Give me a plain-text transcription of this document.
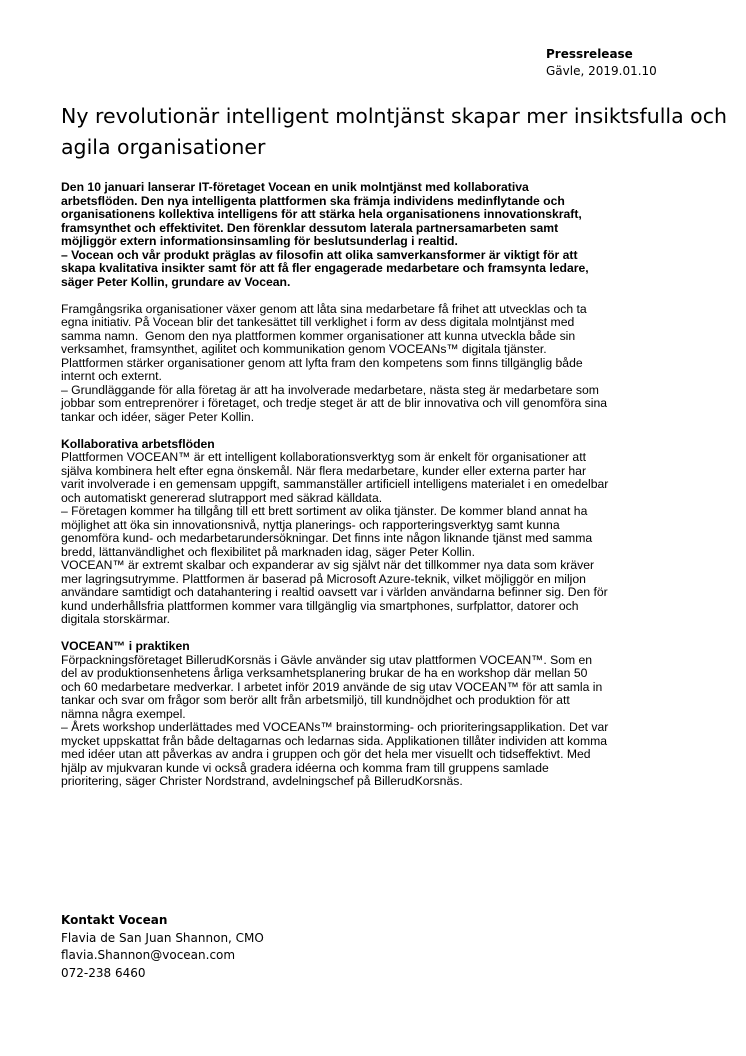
Pressrelease
Gävle, 2019.01.10
Ny revolutionär intelligent molntjänst skapar mer insiktsfulla och agila organisationer

Den 10 januari lanserar IT-företaget Vocean en unik molntjänst med kollaborativa
arbetsflöden. Den nya intelligenta plattformen ska främja individens medinflytande och
organisationens kollektiva intelligens för att stärka hela organisationens innovationskraft,
framsynthet och effektivitet. Den förenklar dessutom laterala partnersamarbeten samt
möjliggör extern informationsinsamling för beslutsunderlag i realtid.

– Vocean och vår produkt präglas av filosofin att olika samverkansformer är viktigt för att
skapa kvalitativa insikter samt för att få fler engagerade medarbetare och framsynta ledare,
säger Peter Kollin, grundare av Vocean.

Framgångsrika organisationer växer genom att låta sina medarbetare få frihet att utvecklas och ta
egna initiativ. På Vocean blir det tankesättet till verklighet i form av dess digitala molntjänst med
samma namn.  Genom den nya plattformen kommer organisationer att kunna utveckla både sin
verksamhet, framsynthet, agilitet och kommunikation genom VOCEANs™ digitala tjänster.
Plattformen stärker organisationer genom att lyfta fram den kompetens som finns tillgänglig både
internt och externt.

– Grundläggande för alla företag är att ha involverade medarbetare, nästa steg är medarbetare som
jobbar som entreprenörer i företaget, och tredje steget är att de blir innovativa och vill genomföra sina
tankar och idéer, säger Peter Kollin.

Kollaborativa arbetsflöden

Plattformen VOCEAN™ är ett intelligent kollaborationsverktyg som är enkelt för organisationer att
själva kombinera helt efter egna önskemål. När flera medarbetare, kunder eller externa parter har
varit involverade i en gemensam uppgift, sammanställer artificiell intelligens materialet i en omedelbar
och automatiskt genererad slutrapport med säkrad källdata.

– Företagen kommer ha tillgång till ett brett sortiment av olika tjänster. De kommer bland annat ha
möjlighet att öka sin innovationsnivå, nyttja planerings- och rapporteringsverktyg samt kunna
genomföra kund- och medarbetarundersökningar. Det finns inte någon liknande tjänst med samma
bredd, lättanvändlighet och flexibilitet på marknaden idag, säger Peter Kollin.

VOCEAN™ är extremt skalbar och expanderar av sig självt när det tillkommer nya data som kräver
mer lagringsutrymme. Plattformen är baserad på Microsoft Azure-teknik, vilket möjliggör en miljon
användare samtidigt och datahantering i realtid oavsett var i världen användarna befinner sig. Den för
kund underhållsfria plattformen kommer vara tillgänglig via smartphones, surfplattor, datorer och
digitala storskärmar.

VOCEAN™ i praktiken

Förpackningsföretaget BillerudKorsnäs i Gävle använder sig utav plattformen VOCEAN™. Som en
del av produktionsenhetens årliga verksamhetsplanering brukar de ha en workshop där mellan 50
och 60 medarbetare medverkar. I arbetet inför 2019 använde de sig utav VOCEAN™ för att samla in
tankar och svar om frågor som berör allt från arbetsmiljö, till kundnöjdhet och produktion för att
nämna några exempel.

– Årets workshop underlättades med VOCEANs™ brainstorming- och prioriteringsapplikation. Det var
mycket uppskattat från både deltagarnas och ledarnas sida. Applikationen tillåter individen att komma
med idéer utan att påverkas av andra i gruppen och gör det hela mer visuellt och tidseffektivt. Med
hjälp av mjukvaran kunde vi också gradera idéerna och komma fram till gruppens samlade
prioritering, säger Christer Nordstrand, avdelningschef på BillerudKorsnäs.

Kontakt Vocean
Flavia de San Juan Shannon, CMO
flavia.Shannon@vocean.com
072-238 6460
